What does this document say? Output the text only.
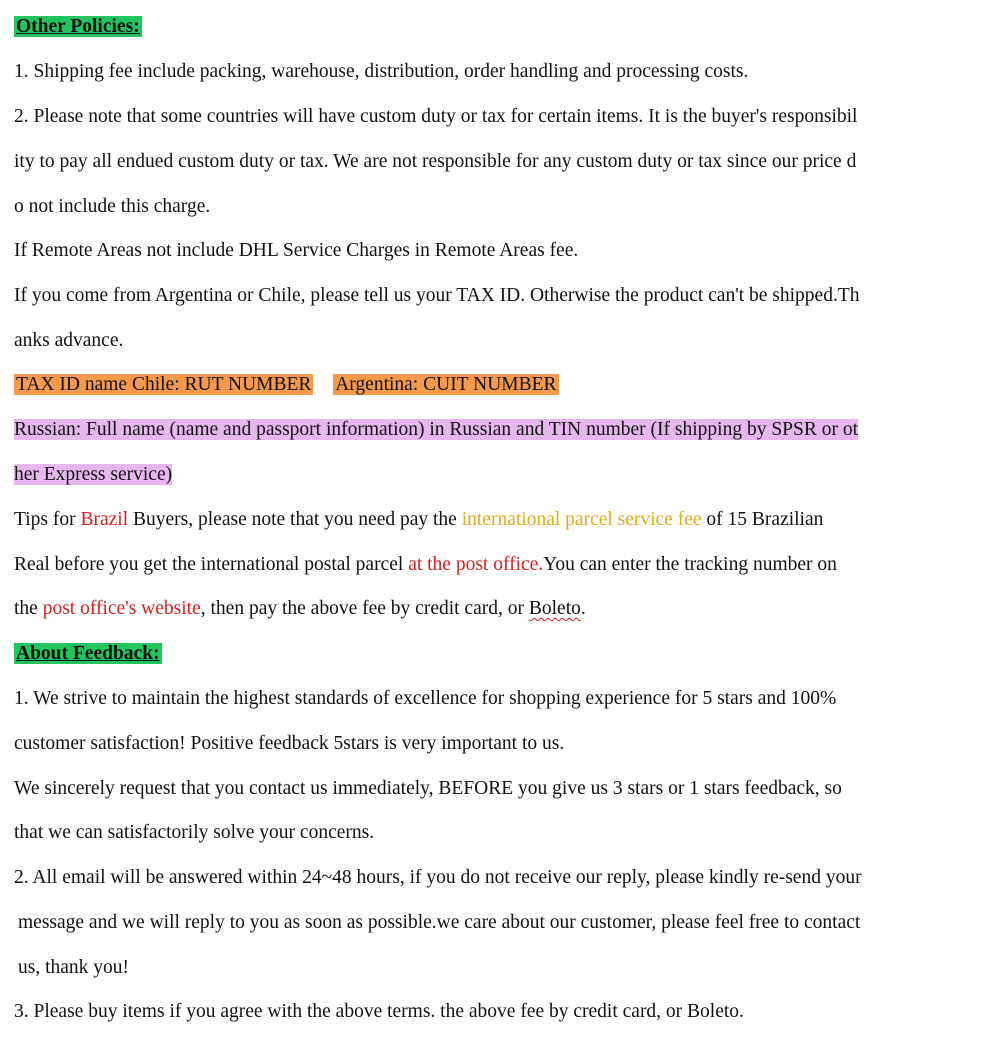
Other Policies:
1. Shipping fee include packing, warehouse, distribution, order handling and processing costs.
2. Please note that some countries will have custom duty or tax for certain items. It is the buyer's responsibil
ity to pay all endued custom duty or tax. We are not responsible for any custom duty or tax since our price d
o not include this charge.
If Remote Areas not include DHL Service Charges in Remote Areas fee.
If you come from Argentina or Chile, please tell us your TAX ID. Otherwise the product can't be shipped.Th
anks advance.
TAX ID name Chile: RUT NUMBER Argentina: CUIT NUMBER
Russian: Full name (name and passport information) in Russian and TIN number (If shipping by SPSR or ot
her Express service)
Tips for Brazil Buyers, please note that you need pay the international parcel service fee of 15 Brazilian
Real before you get the international postal parcel at the post office.You can enter the tracking number on
the post office's website, then pay the above fee by credit card, or Boleto.
About Feedback:
1. We strive to maintain the highest standards of excellence for shopping experience for 5 stars and 100%
customer satisfaction! Positive feedback 5stars is very important to us.
We sincerely request that you contact us immediately, BEFORE you give us 3 stars or 1 stars feedback, so
that we can satisfactorily solve your concerns.
2. All email will be answered within 24~48 hours, if you do not receive our reply, please kindly re-send your
message and we will reply to you as soon as possible.we care about our customer, please feel free to contact
us, thank you!
3. Please buy items if you agree with the above terms. the above fee by credit card, or Boleto.
